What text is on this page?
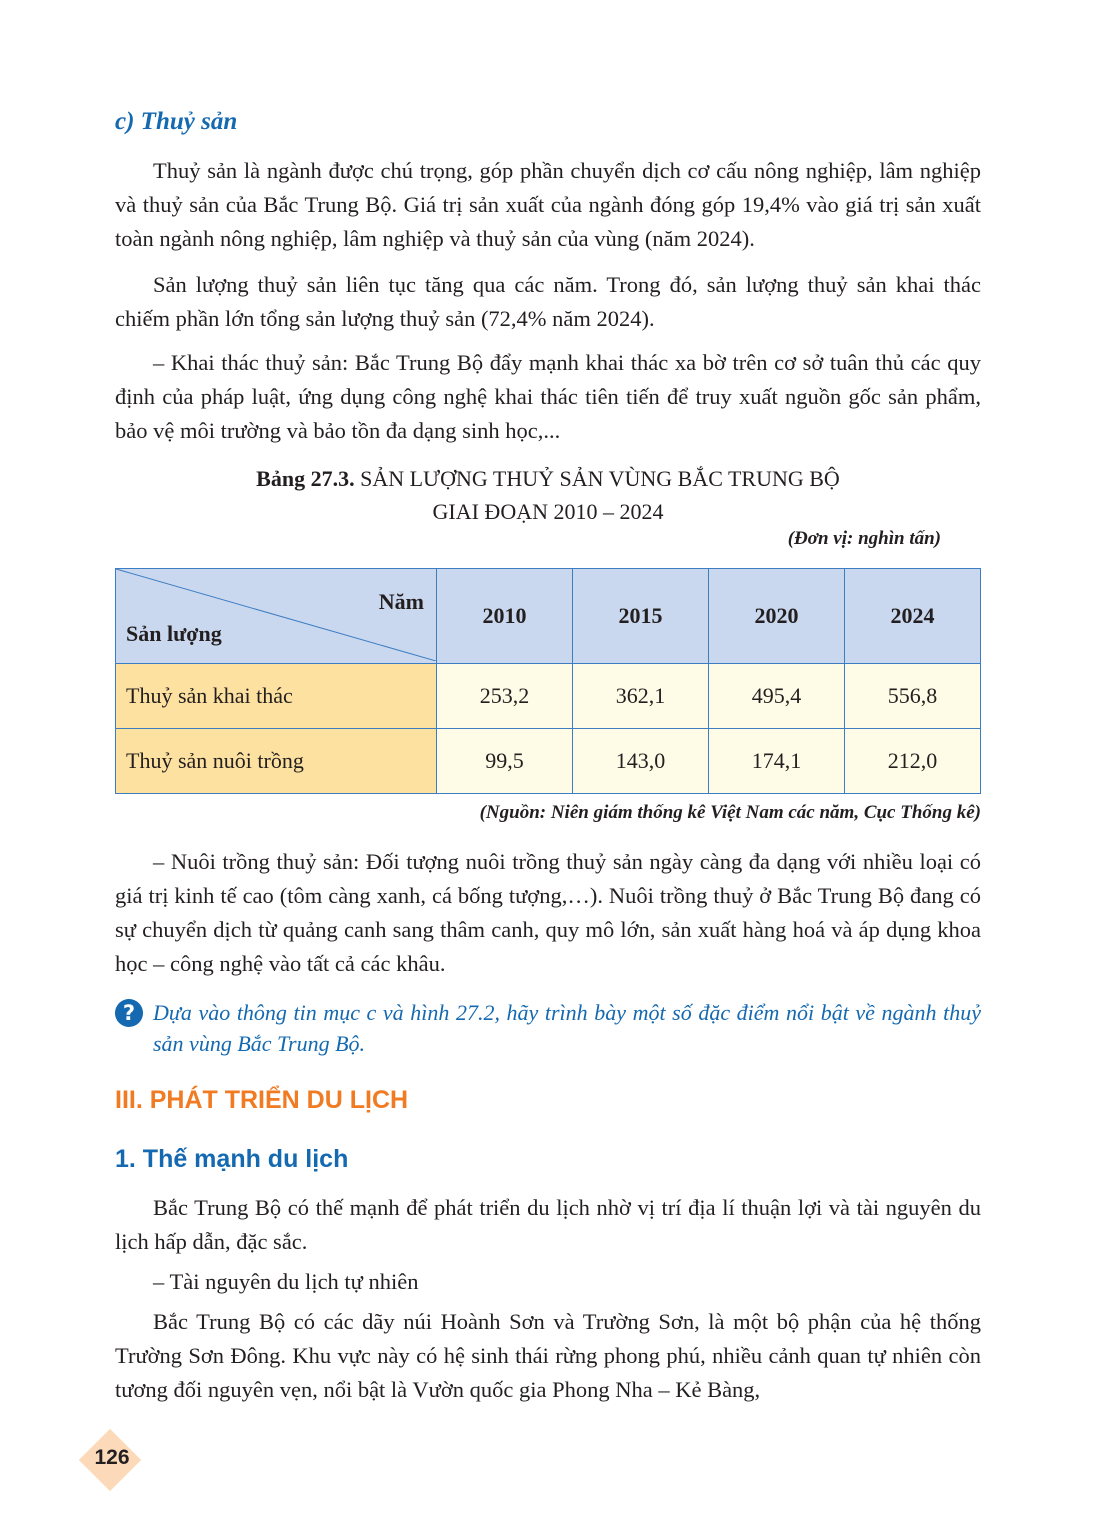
c) Thuỷ sản

Thuỷ sản là ngành được chú trọng, góp phần chuyển dịch cơ cấu nông nghiệp, lâm nghiệp và thuỷ sản của Bắc Trung Bộ. Giá trị sản xuất của ngành đóng góp 19,4% vào giá trị sản xuất toàn ngành nông nghiệp, lâm nghiệp và thuỷ sản của vùng (năm 2024).

Sản lượng thuỷ sản liên tục tăng qua các năm. Trong đó, sản lượng thuỷ sản khai thác chiếm phần lớn tổng sản lượng thuỷ sản (72,4% năm 2024).

– Khai thác thuỷ sản: Bắc Trung Bộ đẩy mạnh khai thác xa bờ trên cơ sở tuân thủ các quy định của pháp luật, ứng dụng công nghệ khai thác tiên tiến để truy xuất nguồn gốc sản phẩm, bảo vệ môi trường và bảo tồn đa dạng sinh học,...

Bảng 27.3. SẢN LƯỢNG THUỶ SẢN VÙNG BẮC TRUNG BỘ
GIAI ĐOẠN 2010 – 2024
(Đơn vị: nghìn tấn)
Năm
Sản lượng	2010	2015	2020	2024
Thuỷ sản khai thác	253,2	362,1	495,4	556,8
Thuỷ sản nuôi trồng	99,5	143,0	174,1	212,0
(Nguồn: Niên giám thống kê Việt Nam các năm, Cục Thống kê)

– Nuôi trồng thuỷ sản: Đối tượng nuôi trồng thuỷ sản ngày càng đa dạng với nhiều loại có giá trị kinh tế cao (tôm càng xanh, cá bống tượng,…). Nuôi trồng thuỷ ở Bắc Trung Bộ đang có sự chuyển dịch từ quảng canh sang thâm canh, quy mô lớn, sản xuất hàng hoá và áp dụng khoa học – công nghệ vào tất cả các khâu.

? Dựa vào thông tin mục c và hình 27.2, hãy trình bày một số đặc điểm nổi bật về ngành thuỷ sản vùng Bắc Trung Bộ.
III. PHÁT TRIỂN DU LỊCH
1. Thế mạnh du lịch

Bắc Trung Bộ có thế mạnh để phát triển du lịch nhờ vị trí địa lí thuận lợi và tài nguyên du lịch hấp dẫn, đặc sắc.

– Tài nguyên du lịch tự nhiên

Bắc Trung Bộ có các dãy núi Hoành Sơn và Trường Sơn, là một bộ phận của hệ thống Trường Sơn Đông. Khu vực này có hệ sinh thái rừng phong phú, nhiều cảnh quan tự nhiên còn tương đối nguyên vẹn, nổi bật là Vườn quốc gia Phong Nha – Kẻ Bàng,

126
